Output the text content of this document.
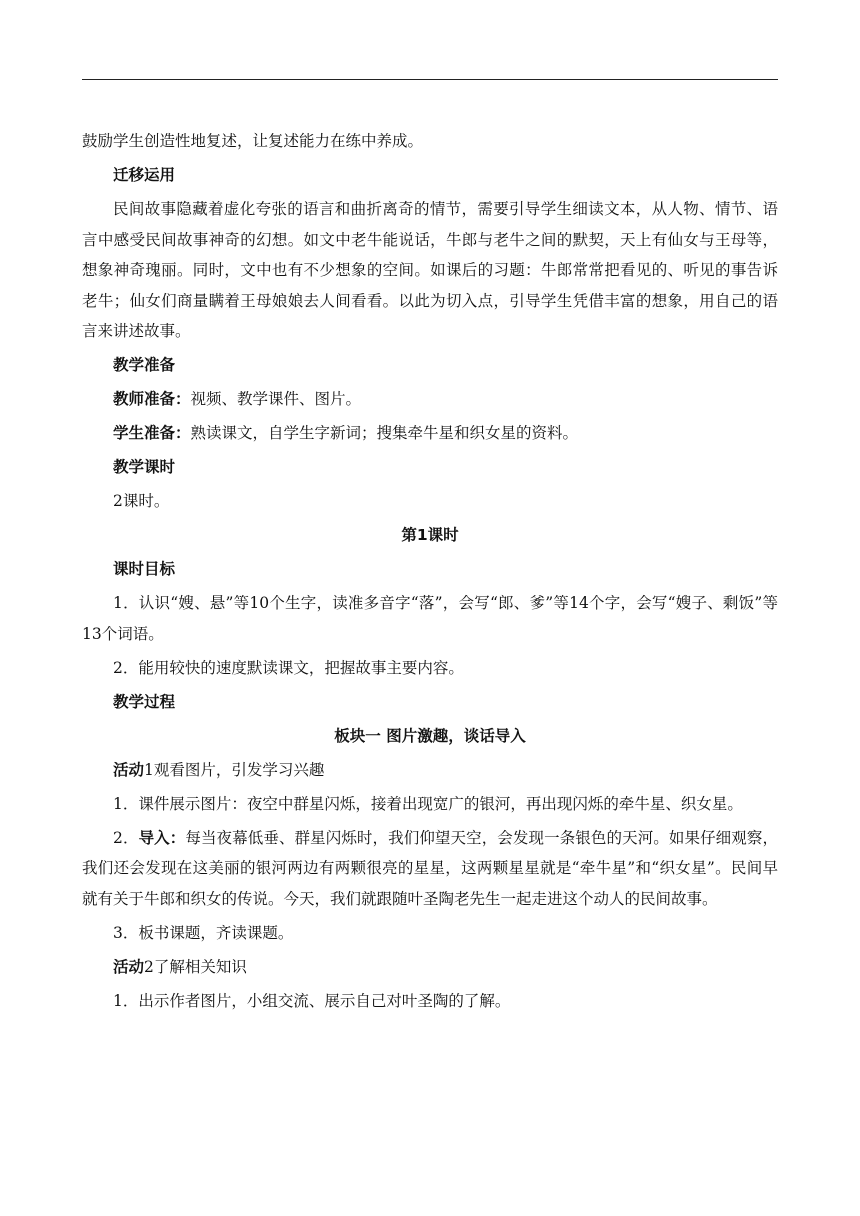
鼓励学生创造性地复述，让复述能力在练中养成。

迁移运用

民间故事隐藏着虚化夸张的语言和曲折离奇的情节，需要引导学生细读文本，从人物、情节、语言中感受民间故事神奇的幻想。如文中老牛能说话，牛郎与老牛之间的默契，天上有仙女与王母等，想象神奇瑰丽。同时，文中也有不少想象的空间。如课后的习题：牛郎常常把看见的、听见的事告诉老牛；仙女们商量瞒着王母娘娘去人间看看。以此为切入点，引导学生凭借丰富的想象，用自己的语言来讲述故事。

教学准备

教师准备：视频、教学课件、图片。

学生准备：熟读课文，自学生字新词；搜集牵牛星和织女星的资料。

教学课时

2课时。

第1课时

课时目标

1．认识“嫂、悬”等10个生字，读准多音字“落”，会写“郎、爹”等14个字，会写“嫂子、剩饭”等13个词语。

2．能用较快的速度默读课文，把握故事主要内容。

教学过程

板块一 图片激趣，谈话导入

活动1观看图片，引发学习兴趣

1．课件展示图片：夜空中群星闪烁，接着出现宽广的银河，再出现闪烁的牵牛星、织女星。

2．导入：每当夜幕低垂、群星闪烁时，我们仰望天空，会发现一条银色的天河。如果仔细观察，我们还会发现在这美丽的银河两边有两颗很亮的星星，这两颗星星就是“牵牛星”和“织女星”。民间早就有关于牛郎和织女的传说。今天，我们就跟随叶圣陶老先生一起走进这个动人的民间故事。

3．板书课题，齐读课题。

活动2了解相关知识

1．出示作者图片，小组交流、展示自己对叶圣陶的了解。
